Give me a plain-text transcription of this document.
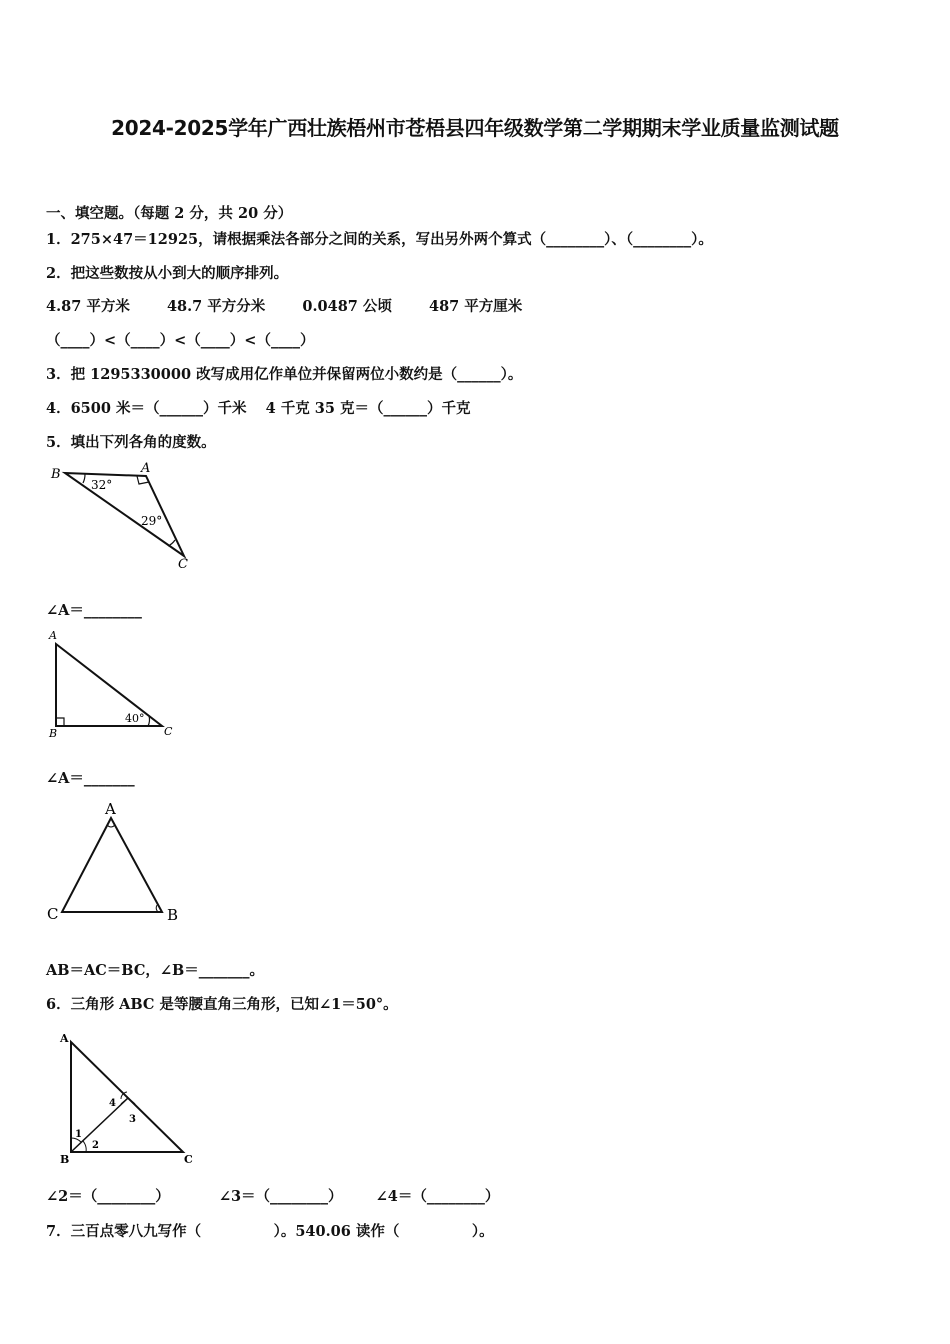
2024-2025学年广西壮族梧州市苍梧县四年级数学第二学期期末学业质量监测试题
一、填空题。（每题 2 分，共 20 分）
1．275×47＝12925，请根据乘法各部分之间的关系，写出另外两个算式（________）、（________）。
2．把这些数按从小到大的顺序排列。
4.87 平方米	48.7 平方分米	0.0487 公顷	487 平方厘米
（____）<（____）<（____）<（____）
3．把 1295330000 改写成用亿作单位并保留两位小数约是（______）。
4．6500 米＝（______）千米 4 千克 35 克＝（______）千克
5．填出下列各角的度数。
B	A
C
32°
29°
∠A＝________
A
B	C
40°
∠A＝_______
A
C	B
AB＝AC＝BC，∠B＝_______。
6．三角形 ABC 是等腰直角三角形，已知∠1＝50°。
A
B	C
1
2
3
4
∠2＝（________）	∠3＝（________） ∠4＝（________）
7．三百点零八九写作（　　　　　）。540.06 读作（　　　　　）。
